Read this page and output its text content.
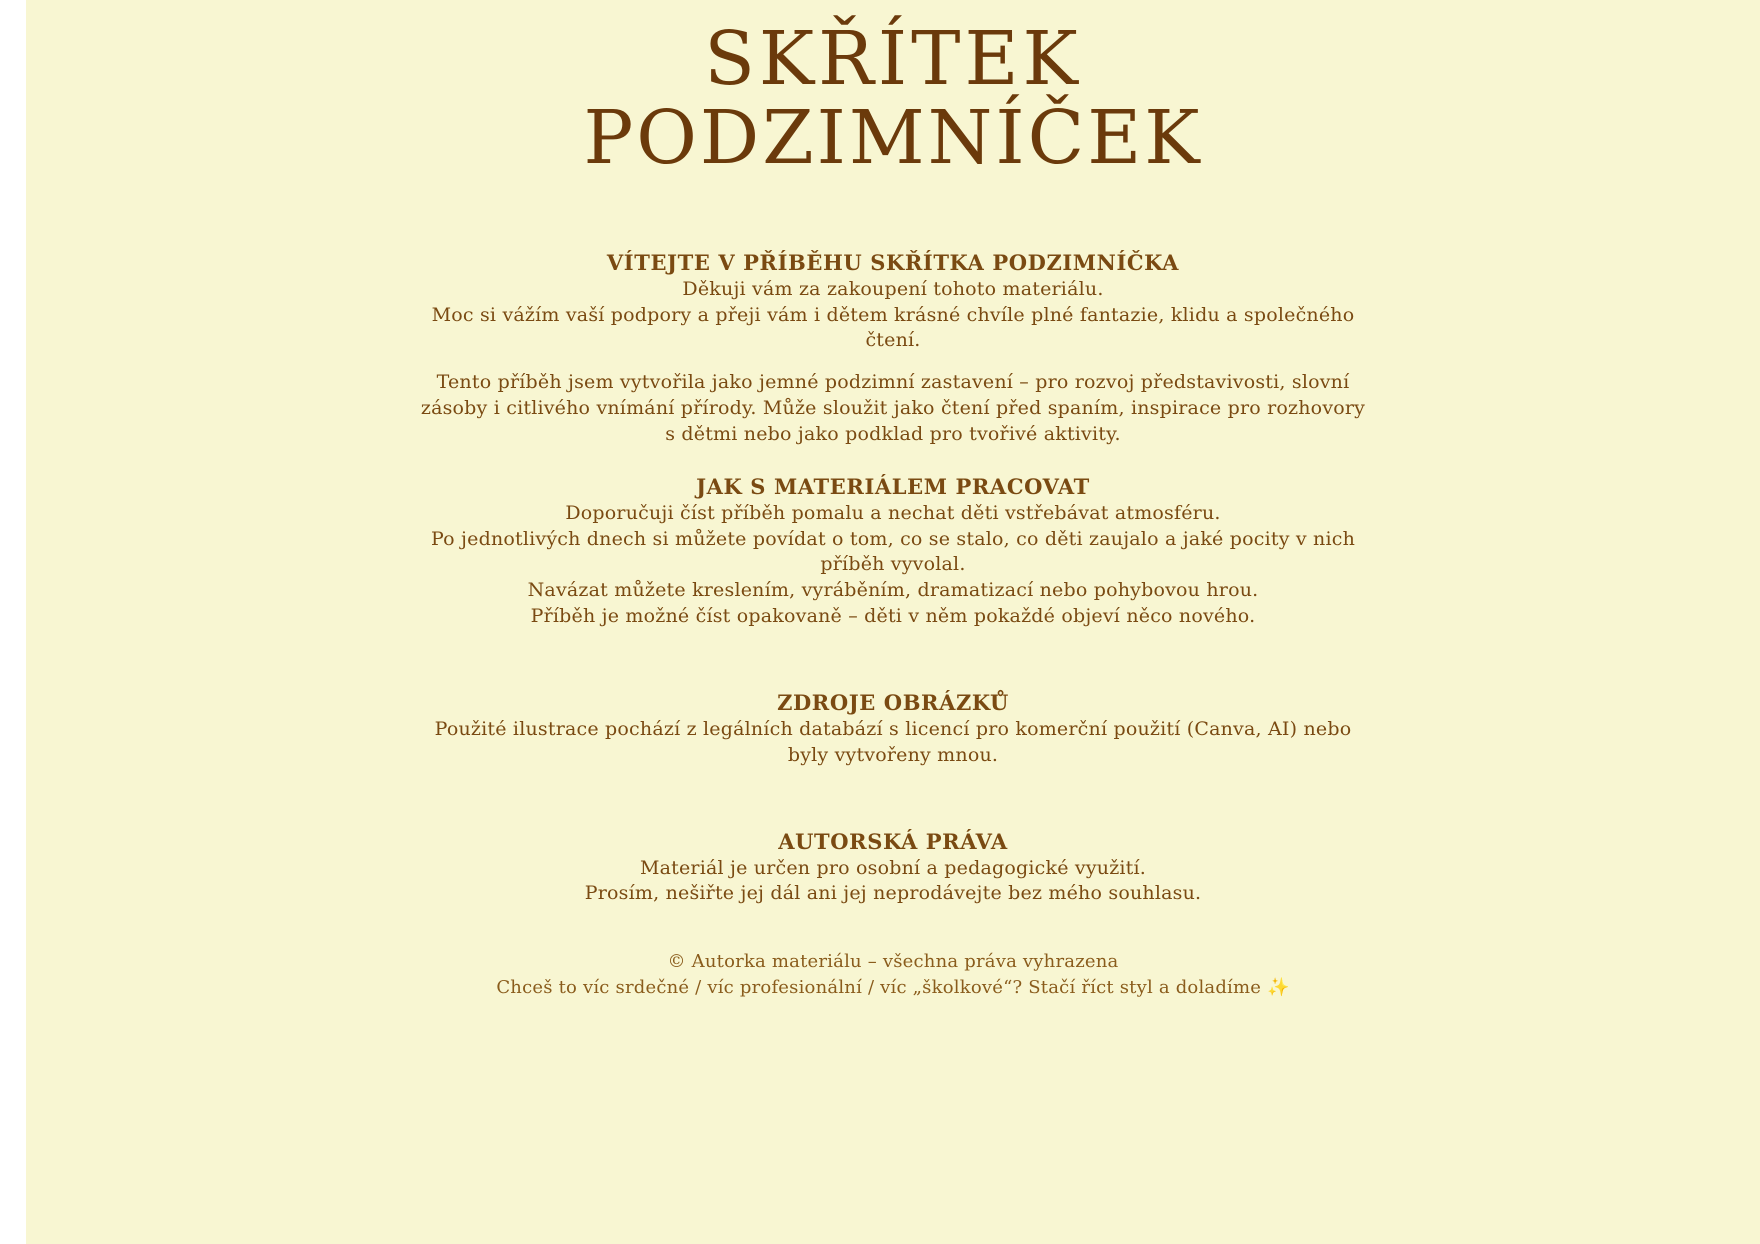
SKŘÍTEK
PODZIMNÍČEK
VÍTEJTE V PŘÍBĚHU SKŘÍTKA PODZIMNÍČKA
Děkuji vám za zakoupení tohoto materiálu.
Moc si vážím vaší podpory a přeji vám i dětem krásné chvíle plné fantazie, klidu a společného čtení.
Tento příběh jsem vytvořila jako jemné podzimní zastavení – pro rozvoj představivosti, slovní zásoby i citlivého vnímání přírody. Může sloužit jako čtení před spaním, inspirace pro rozhovory s dětmi nebo jako podklad pro tvořivé aktivity.
JAK S MATERIÁLEM PRACOVAT
Doporučuji číst příběh pomalu a nechat děti vstřebávat atmosféru.
Po jednotlivých dnech si můžete povídat o tom, co se stalo, co děti zaujalo a jaké pocity v nich příběh vyvolal.
Navázat můžete kreslením, vyráběním, dramatizací nebo pohybovou hrou.
Příběh je možné číst opakovaně – děti v něm pokaždé objeví něco nového.
ZDROJE OBRÁZKŮ
Použité ilustrace pochází z legálních databází s licencí pro komerční použití (Canva, AI) nebo byly vytvořeny mnou.
AUTORSKÁ PRÁVA
Materiál je určen pro osobní a pedagogické využití.
Prosím, nešiřte jej dál ani jej neprodávejte bez mého souhlasu.
© Autorka materiálu – všechna práva vyhrazena
Chceš to víc srdečné / víc profesionální / víc „školkové“? Stačí říct styl a doladíme ✨
